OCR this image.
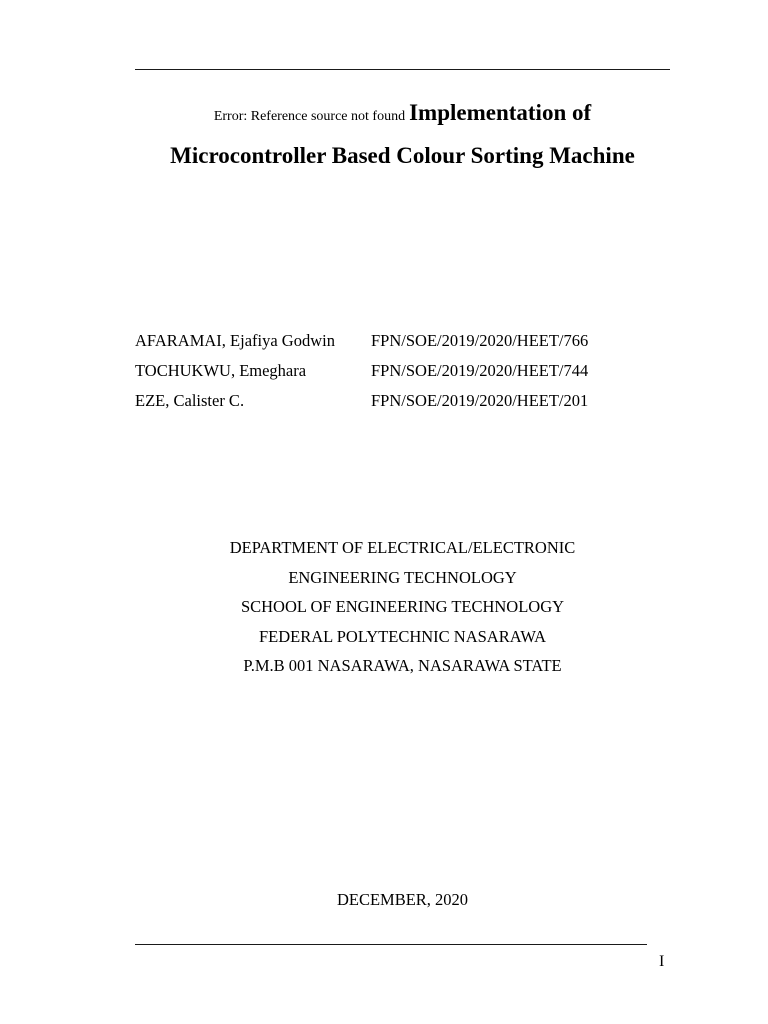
Error: Reference source not found Implementation of
Microcontroller Based Colour Sorting Machine
AFARAMAI, Ejafiya Godwin FPN/SOE/2019/2020/HEET/766
TOCHUKWU, Emeghara	FPN/SOE/2019/2020/HEET/744
EZE, Calister C.	FPN/SOE/2019/2020/HEET/201
DEPARTMENT OF ELECTRICAL/ELECTRONIC
ENGINEERING TECHNOLOGY
SCHOOL OF ENGINEERING TECHNOLOGY
FEDERAL POLYTECHNIC NASARAWA
P.M.B 001 NASARAWA, NASARAWA STATE
DECEMBER, 2020
I
